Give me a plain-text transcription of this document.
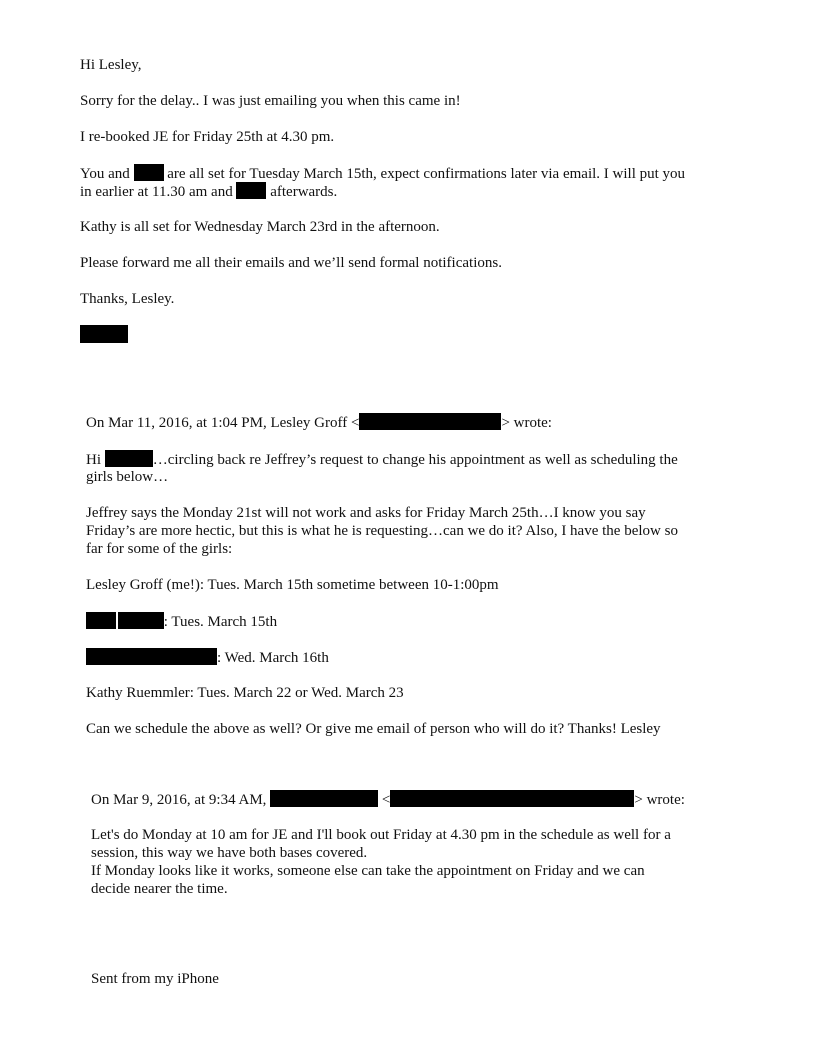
Hi Lesley,
Sorry for the delay.. I was just emailing you when this came in!
I re-booked JE for Friday 25th at 4.30 pm.
You and	are all set for Tuesday March 15th, expect confirmations later via email. I will put you
in earlier at 11.30 am and	afterwards.
Kathy is all set for Wednesday March 23rd in the afternoon.
Please forward me all their emails and we’ll send formal notifications.
Thanks, Lesley.
On Mar 11, 2016, at 1:04 PM, Lesley Groff <	> wrote:
Hi	…circling back re Jeffrey’s request to change his appointment as well as scheduling the
girls below…
Jeffrey says the Monday 21st will not work and asks for Friday March 25th…I know you say
Friday’s are more hectic, but this is what he is requesting…can we do it? Also, I have the below so
far for some of the girls:
Lesley Groff (me!): Tues. March 15th sometime between 10-1:00pm
: Tues. March 15th
: Wed. March 16th
Kathy Ruemmler: Tues. March 22 or Wed. March 23
Can we schedule the above as well? Or give me email of person who will do it? Thanks! Lesley
On Mar 9, 2016, at 9:34 AM,	<	> wrote:
Let's do Monday at 10 am for JE and I'll book out Friday at 4.30 pm in the schedule as well for a
session, this way we have both bases covered.
If Monday looks like it works, someone else can take the appointment on Friday and we can
decide nearer the time.
Sent from my iPhone
